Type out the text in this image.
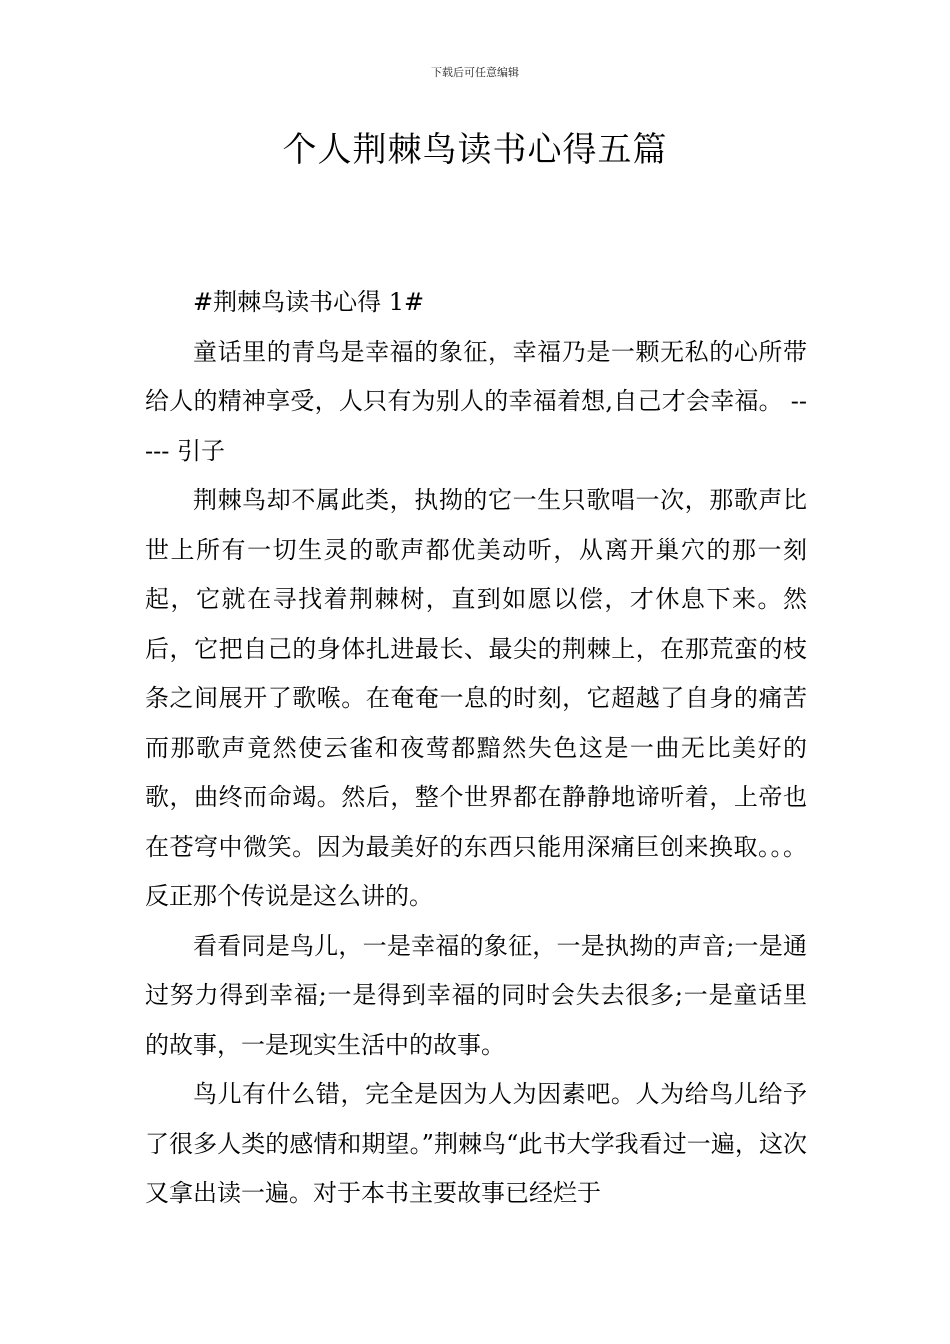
下载后可任意编辑
个人荆棘鸟读书心得五篇

#荆棘鸟读书心得 1#

童话里的青鸟是幸福的象征，幸福乃是一颗无私的心所带给人的精神享受，人只有为别人的幸福着想,自己才会幸福。 ----- 引子

荆棘鸟却不属此类，执拗的它一生只歌唱一次，那歌声比世上所有一切生灵的歌声都优美动听，从离开巢穴的那一刻起，它就在寻找着荆棘树，直到如愿以偿，才休息下来。然后，它把自己的身体扎进最长、最尖的荆棘上，在那荒蛮的枝条之间展开了歌喉。在奄奄一息的时刻，它超越了自身的痛苦而那歌声竟然使云雀和夜莺都黯然失色这是一曲无比美好的歌，曲终而命竭。然后，整个世界都在静静地谛听着，上帝也在苍穹中微笑。因为最美好的东西只能用深痛巨创来换取。。。反正那个传说是这么讲的。

看看同是鸟儿，一是幸福的象征，一是执拗的声音;一是通过努力得到幸福;一是得到幸福的同时会失去很多;一是童话里的故事，一是现实生活中的故事。

鸟儿有什么错，完全是因为人为因素吧。人为给鸟儿给予了很多人类的感情和期望。”荆棘鸟“此书大学我看过一遍，这次又拿出读一遍。对于本书主要故事已经烂于
